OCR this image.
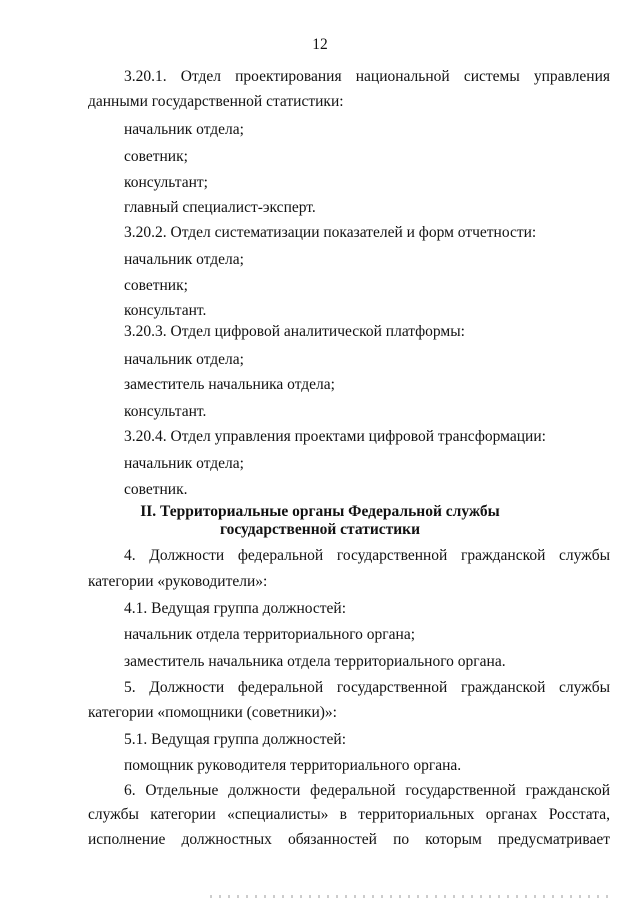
12
3.20.1. Отдел проектирования национальной системы управления
данными государственной статистики:
начальник отдела;
советник;
консультант;
главный специалист-эксперт.
3.20.2. Отдел систематизации показателей и форм отчетности:
начальник отдела;
советник;
консультант.
3.20.3. Отдел цифровой аналитической платформы:
начальник отдела;
заместитель начальника отдела;
консультант.
3.20.4. Отдел управления проектами цифровой трансформации:
начальник отдела;
советник.
II. Территориальные органы Федеральной службы
государственной статистики
4. Должности федеральной государственной гражданской службы
категории «руководители»:
4.1. Ведущая группа должностей:
начальник отдела территориального органа;
заместитель начальника отдела территориального органа.
5. Должности федеральной государственной гражданской службы
категории «помощники (советники)»:
5.1. Ведущая группа должностей:
помощник руководителя территориального органа.
6. Отдельные должности федеральной государственной гражданской
службы категории «специалисты» в территориальных органах Росстата,
исполнение должностных обязанностей по которым предусматривает
